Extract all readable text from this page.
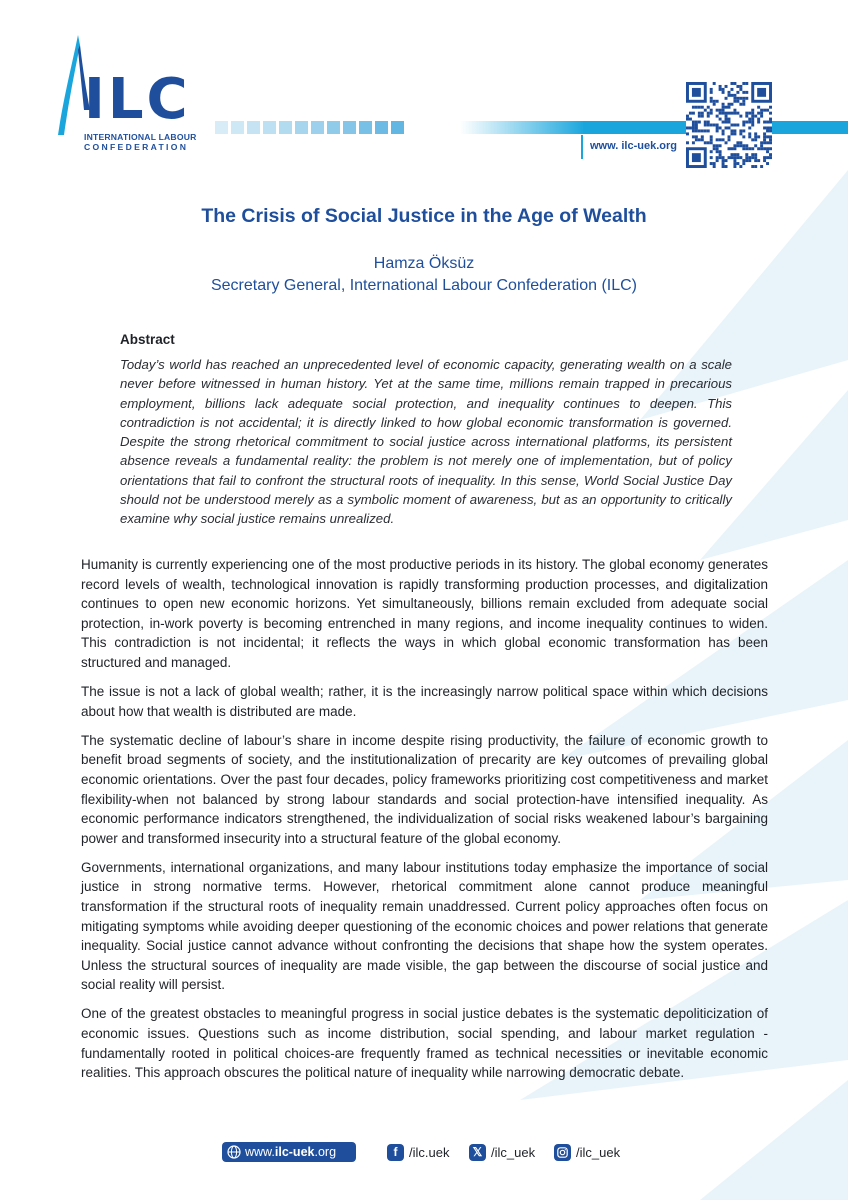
ILC
INTERNATIONAL LABOUR
CONFEDERATION	www. ilc-uek.org
The Crisis of Social Justice in the Age of Wealth
Hamza Öksüz
Secretary General, International Labour Confederation (ILC)
Abstract
Today’s world has reached an unprecedented level of economic capacity, generating wealth on a scale never before witnessed in human history. Yet at the same time, millions remain trapped in precarious employment, billions lack adequate social protection, and inequality continues to deepen. This contradiction is not accidental; it is directly linked to how global economic transformation is governed. Despite the strong rhetorical commitment to social justice across international platforms, its persistent absence reveals a fundamental reality: the problem is not merely one of implementation, but of policy orientations that fail to confront the structural roots of inequality. In this sense, World Social Justice Day should not be understood merely as a symbolic moment of awareness, but as an opportunity to critically examine why social justice remains unrealized.

Humanity is currently experiencing one of the most productive periods in its history. The global economy generates record levels of wealth, technological innovation is rapidly transforming production processes, and digitalization continues to open new economic horizons. Yet simultaneously, billions remain excluded from adequate social protection, in-work poverty is becoming entrenched in many regions, and income inequality continues to widen. This contradiction is not incidental; it reflects the ways in which global economic transformation has been structured and managed.

The issue is not a lack of global wealth; rather, it is the increasingly narrow political space within which decisions about how that wealth is distributed are made.

The systematic decline of labour’s share in income despite rising productivity, the failure of economic growth to benefit broad segments of society, and the institutionalization of precarity are key outcomes of prevailing global economic orientations. Over the past four decades, policy frameworks prioritizing cost competitiveness and market flexibility-when not balanced by strong labour standards and social protection-have intensified inequality. As economic performance indicators strengthened, the individualization of social risks weakened labour’s bargaining power and transformed insecurity into a structural feature of the global economy.

Governments, international organizations, and many labour institutions today emphasize the importance of social justice in strong normative terms. However, rhetorical commitment alone cannot produce meaningful transformation if the structural roots of inequality remain unaddressed. Current policy approaches often focus on mitigating symptoms while avoiding deeper questioning of the economic choices and power relations that generate inequality. Social justice cannot advance without confronting the decisions that shape how the system operates. Unless the structural sources of inequality are made visible, the gap between the discourse of social justice and social reality will persist.

One of the greatest obstacles to meaningful progress in social justice debates is the systematic depoliticization of economic issues. Questions such as income distribution, social spending, and labour market regulation -fundamentally rooted in political choices-are frequently framed as technical necessities or inevitable economic realities. This approach obscures the political nature of inequality while narrowing democratic debate.

www. ilc-uek .org	f /ilc.uek	𝕏 /ilc_uek	/ilc_uek
